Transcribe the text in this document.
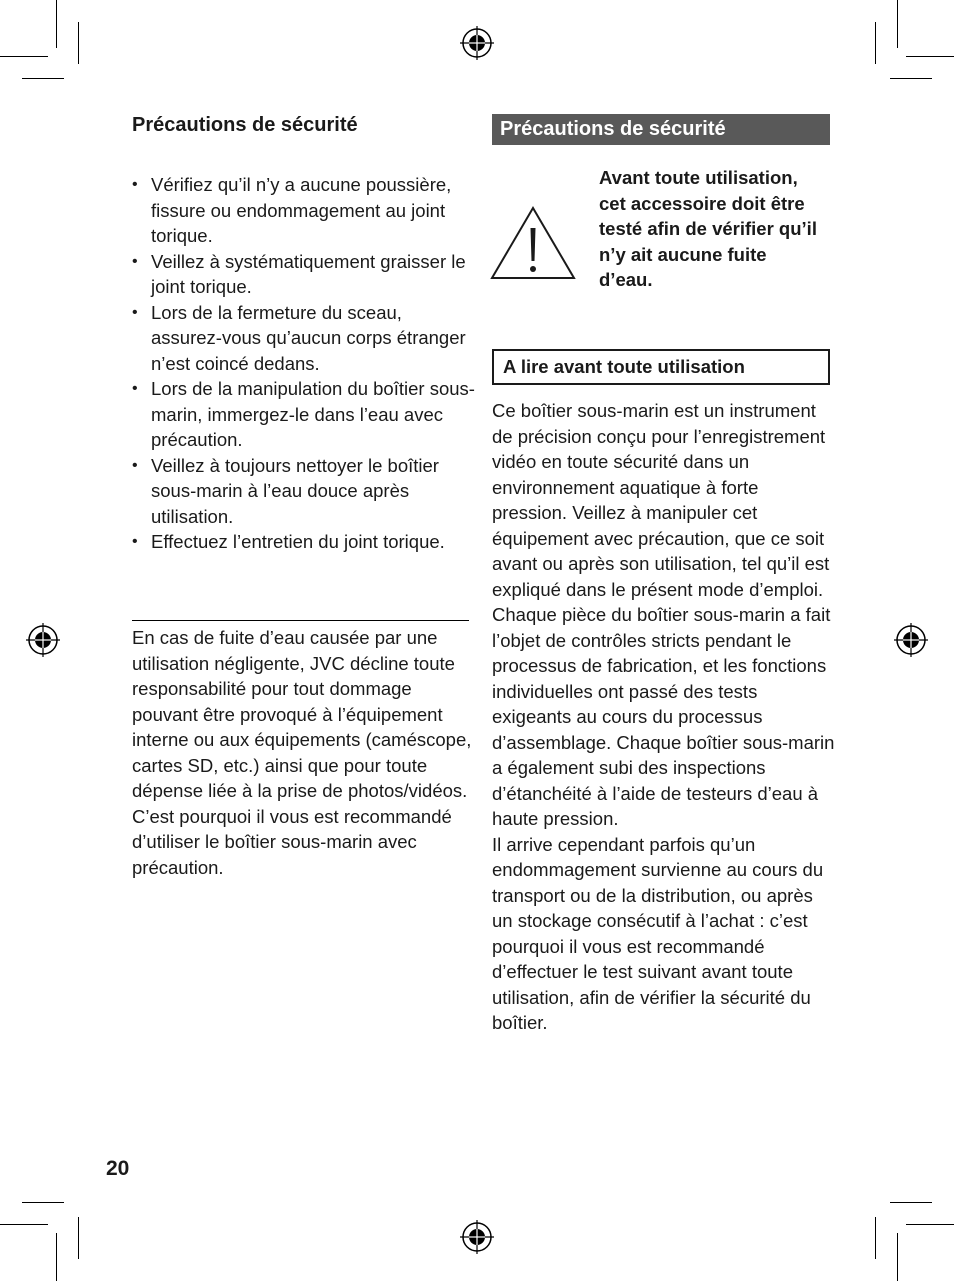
Précautions de sécurité
• Vérifiez qu’il n’y a aucune poussière, fissure ou endommagement au joint torique.
• Veillez à systématiquement graisser le joint torique.
• Lors de la fermeture du sceau, assurez-vous qu’aucun corps étranger n’est coincé dedans.
• Lors de la manipulation du boîtier sous-marin, immergez-le dans l’eau avec précaution.
• Veillez à toujours nettoyer le boîtier sous-marin à l’eau douce après utilisation.
• Effectuez l’entretien du joint torique.

En cas de fuite d’eau causée par une utilisation négligente, JVC décline toute responsabilité pour tout dommage pouvant être provoqué à l’équipement interne ou aux équipements (caméscope, cartes SD, etc.) ainsi que pour toute dépense liée à la prise de photos/vidéos. C’est pourquoi il vous est recommandé d’utiliser le boîtier sous-marin avec précaution.

Précautions de sécurité

Avant toute utilisation, cet accessoire doit être testé afin de vérifier qu’il n’y ait aucune fuite d’eau.

A lire avant toute utilisation

Ce boîtier sous-marin est un instrument de précision conçu pour l’enregistrement vidéo en toute sécurité dans un environnement aquatique à forte pression. Veillez à manipuler cet équipement avec précaution, que ce soit avant ou après son utilisation, tel qu’il est expliqué dans le présent mode d’emploi.

Chaque pièce du boîtier sous-marin a fait l’objet de contrôles stricts pendant le processus de fabrication, et les fonctions individuelles ont passé des tests exigeants au cours du processus d’assemblage. Chaque boîtier sous-marin a également subi des inspections d’étanchéité à l’aide de testeurs d’eau à haute pression.

Il arrive cependant parfois qu’un endommagement survienne au cours du transport ou de la distribution, ou après un stockage consécutif à l’achat : c’est pourquoi il vous est recommandé d’effectuer le test suivant avant toute utilisation, afin de vérifier la sécurité du boîtier.

20
